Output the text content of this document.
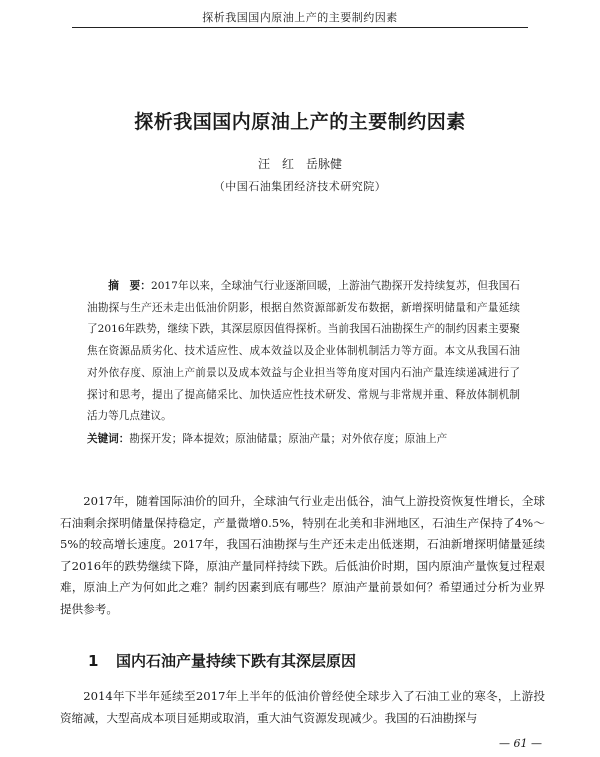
探析我国国内原油上产的主要制约因素
探析我国国内原油上产的主要制约因素
汪　红　岳脉健
（中国石油集团经济技术研究院）
摘　要：2017年以来，全球油气行业逐渐回暖，上游油气勘探开发持续复苏，但我国石油勘探与生产还未走出低油价阴影，根据自然资源部新发布数据，新增探明储量和产量延续了2016年跌势，继续下跌，其深层原因值得探析。当前我国石油勘探生产的制约因素主要聚焦在资源品质劣化、技术适应性、成本效益以及企业体制机制活力等方面。本文从我国石油对外依存度、原油上产前景以及成本效益与企业担当等角度对国内石油产量连续递减进行了探讨和思考，提出了提高储采比、加快适应性技术研发、常规与非常规并重、释放体制机制活力等几点建议。
关键词：勘探开发；降本提效；原油储量；原油产量；对外依存度；原油上产
2017年，随着国际油价的回升，全球油气行业走出低谷，油气上游投资恢复性增长，全球石油剩余探明储量保持稳定，产量微增0.5%，特别在北美和非洲地区，石油生产保持了4%～5%的较高增长速度。2017年，我国石油勘探与生产还未走出低迷期，石油新增探明储量延续了2016年的跌势继续下降，原油产量同样持续下跌。后低油价时期，国内原油产量恢复过程艰难，原油上产为何如此之难？制约因素到底有哪些？原油产量前景如何？希望通过分析为业界提供参考。
1 国内石油产量持续下跌有其深层原因
2014年下半年延续至2017年上半年的低油价曾经使全球步入了石油工业的寒冬，上游投资缩减，大型高成本项目延期或取消，重大油气资源发现减少。我国的石油勘探与
— 61 —
